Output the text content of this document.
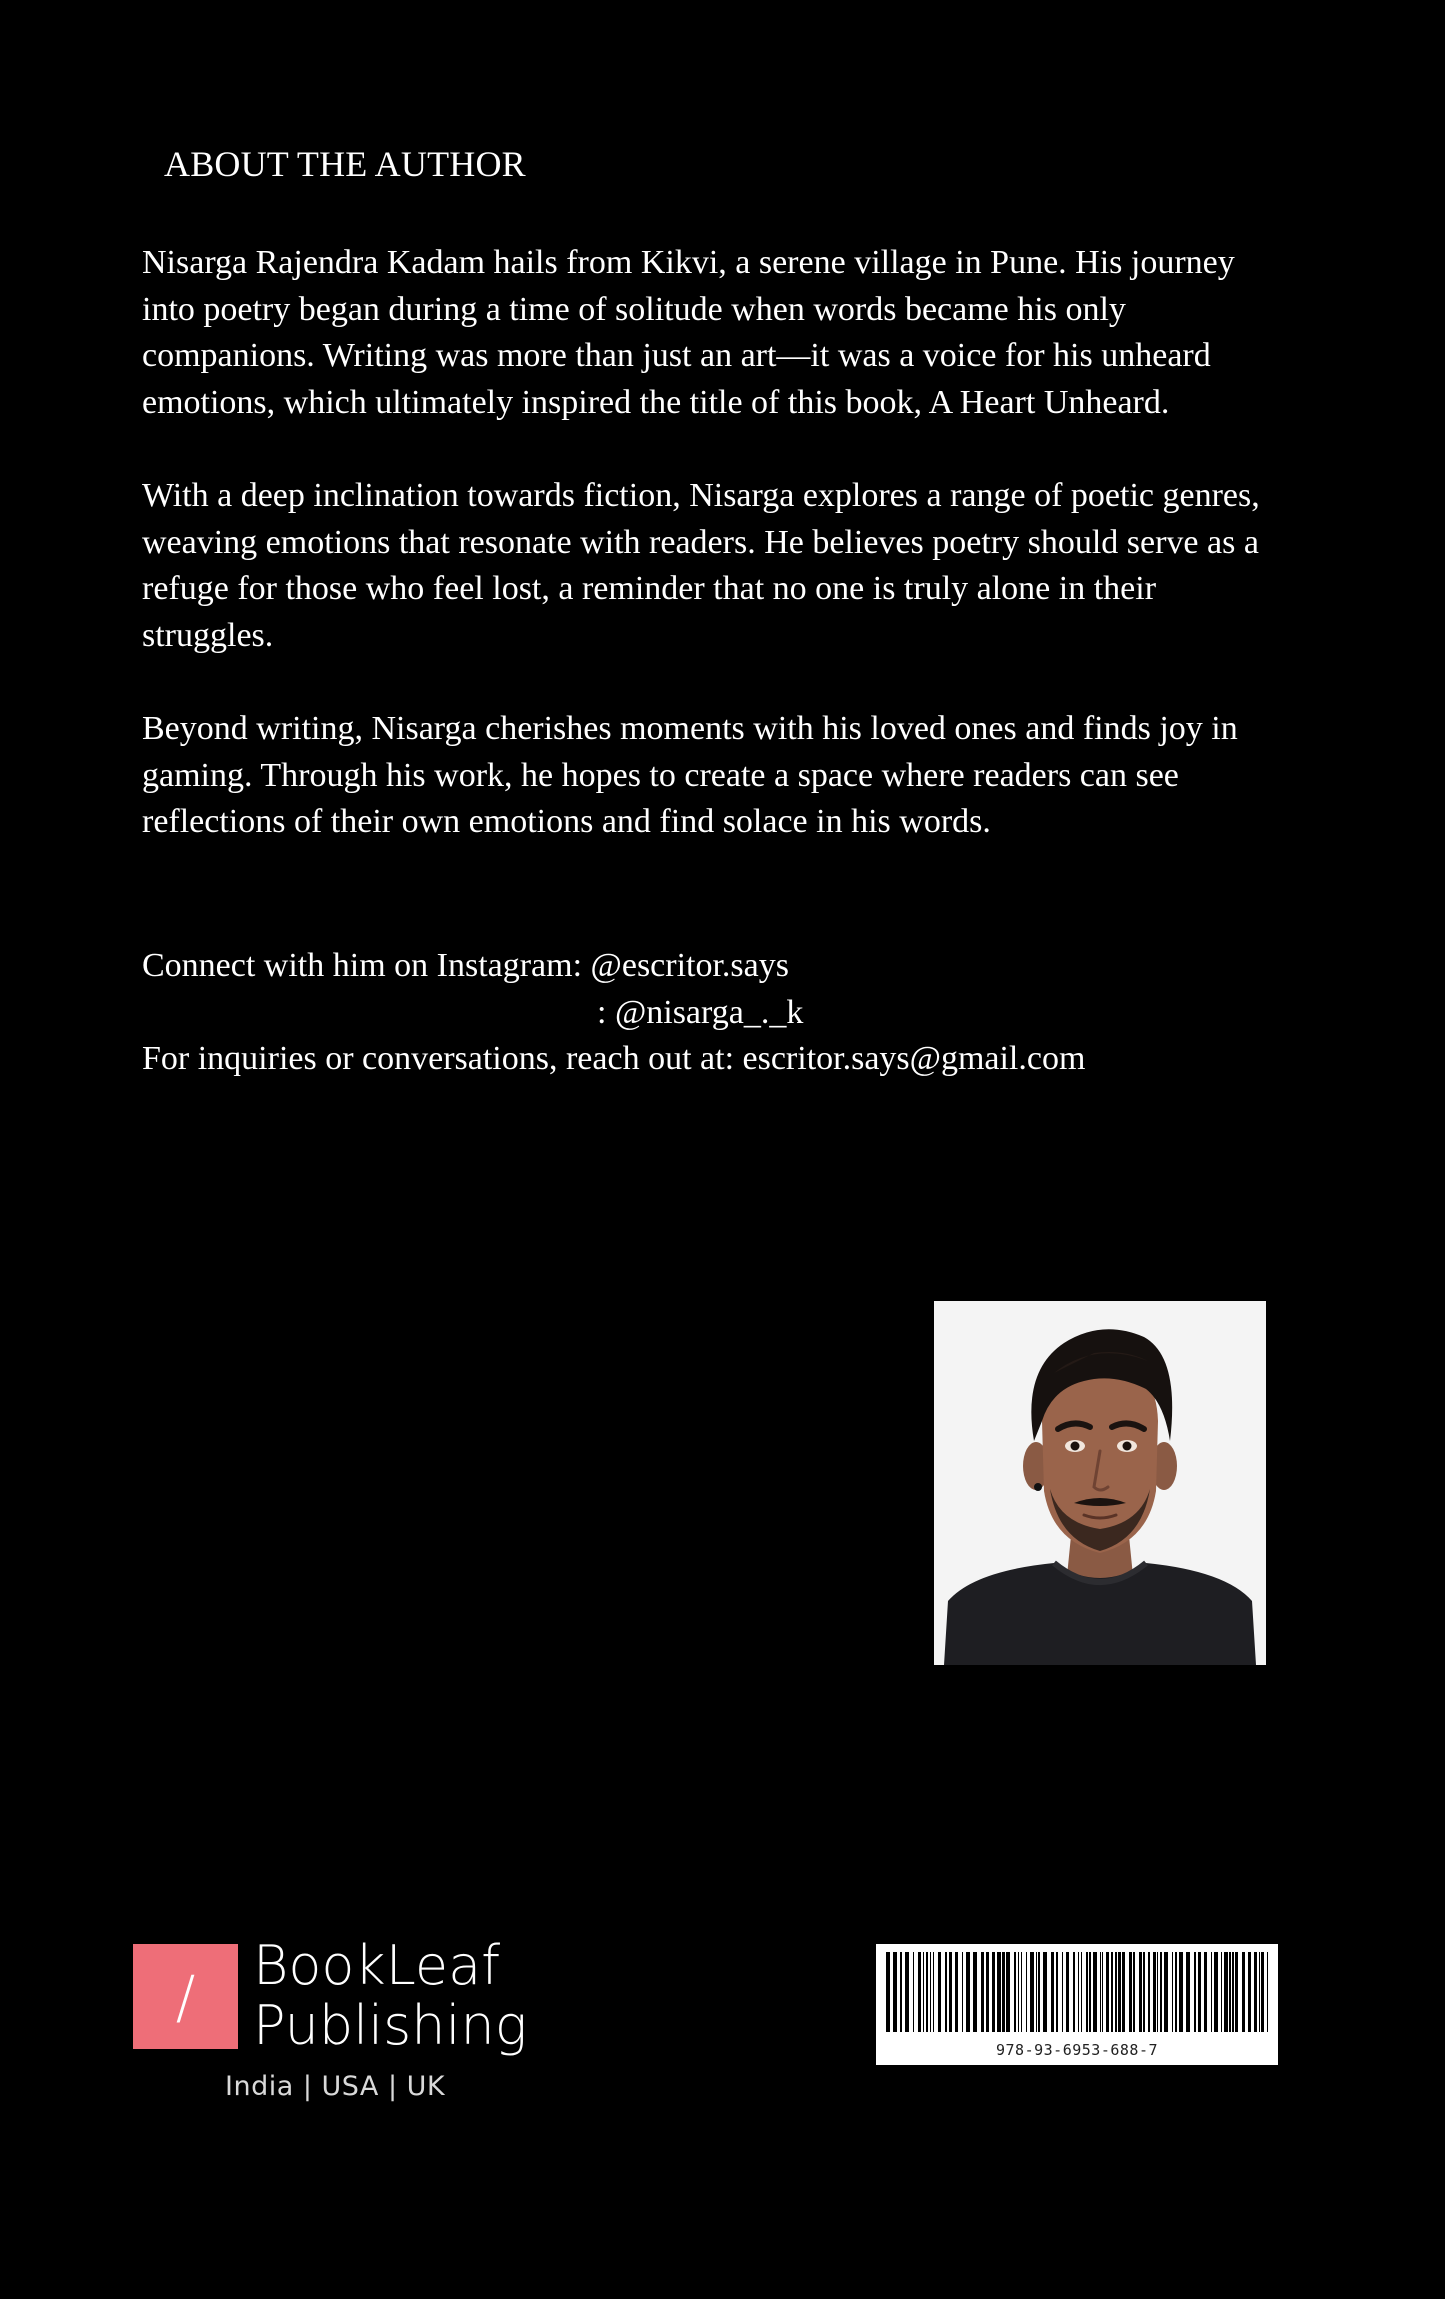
ABOUT THE AUTHOR

Nisarga Rajendra Kadam hails from Kikvi, a serene village in Pune. His journey into poetry began during a time of solitude when words became his only companions. Writing was more than just an art—it was a voice for his unheard emotions, which ultimately inspired the title of this book, A Heart Unheard.

With a deep inclination towards fiction, Nisarga explores a range of poetic genres, weaving emotions that resonate with readers. He believes poetry should serve as a refuge for those who feel lost, a reminder that no one is truly alone in their struggles.

Beyond writing, Nisarga cherishes moments with his loved ones and finds joy in gaming. Through his work, he hopes to create a space where readers can see reflections of their own emotions and find solace in his words.

Connect with him on Instagram: @escritor.says
: @nisarga_._k
For inquiries or conversations, reach out at: escritor.says@gmail.com
/	BookLeaf
Publishing
India | USA | UK
978-93-6953-688-7
